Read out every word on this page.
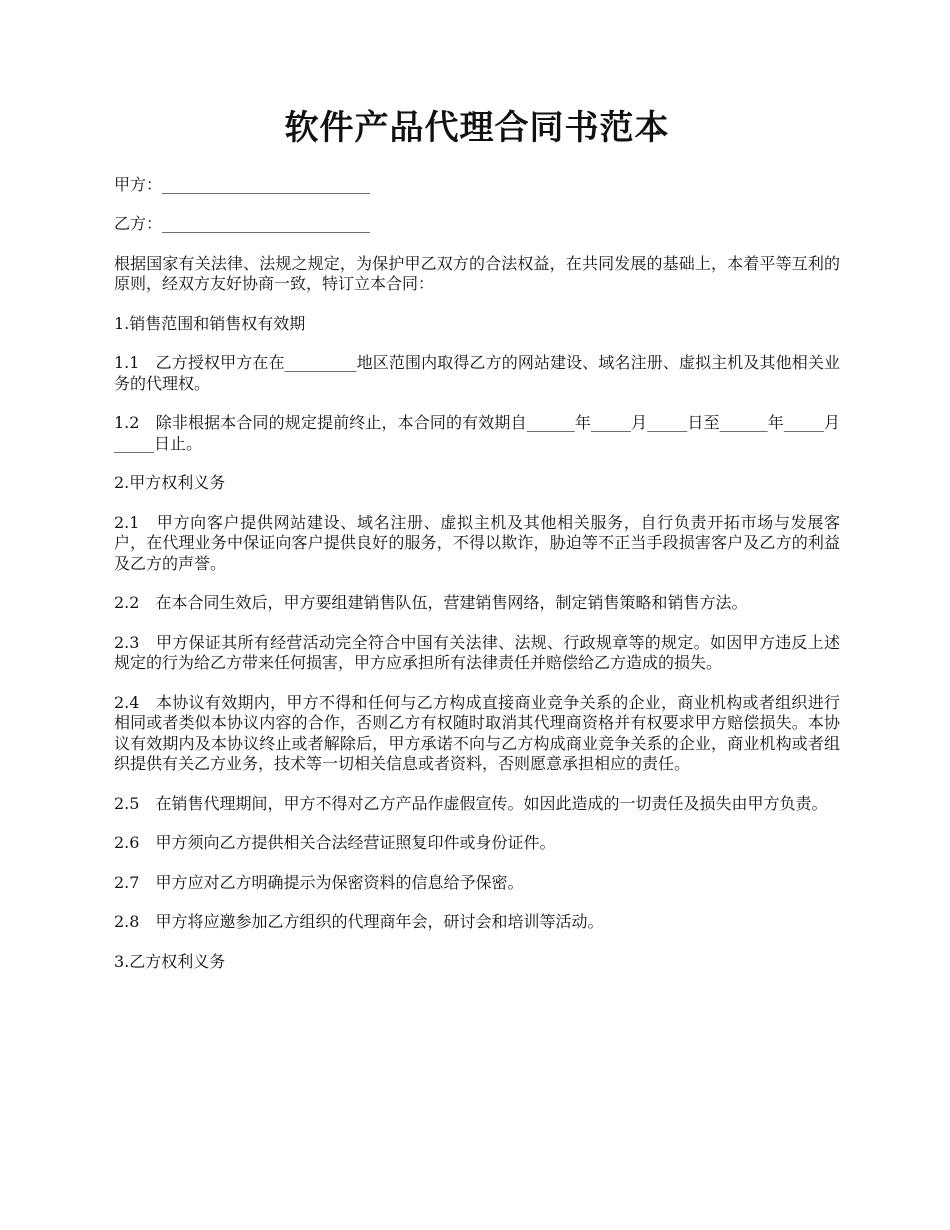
软件产品代理合同书范本

甲方：__________________________

乙方：__________________________

根据国家有关法律、法规之规定，为保护甲乙双方的合法权益，在共同发展的基础上，本着平等互利的原则，经双方友好协商一致，特订立本合同：

1.销售范围和销售权有效期

1.1　乙方授权甲方在在_________地区范围内取得乙方的网站建设、域名注册、虚拟主机及其他相关业务的代理权。

1.2　除非根据本合同的规定提前终止，本合同的有效期自______年_____月_____日至______年_____月_____日止。

2.甲方权利义务

2.1　甲方向客户提供网站建设、域名注册、虚拟主机及其他相关服务，自行负责开拓市场与发展客户，在代理业务中保证向客户提供良好的服务，不得以欺诈，胁迫等不正当手段损害客户及乙方的利益及乙方的声誉。

2.2　在本合同生效后，甲方要组建销售队伍，营建销售网络，制定销售策略和销售方法。

2.3　甲方保证其所有经营活动完全符合中国有关法律、法规、行政规章等的规定。如因甲方违反上述规定的行为给乙方带来任何损害，甲方应承担所有法律责任并赔偿给乙方造成的损失。

2.4　本协议有效期内，甲方不得和任何与乙方构成直接商业竞争关系的企业，商业机构或者组织进行相同或者类似本协议内容的合作，否则乙方有权随时取消其代理商资格并有权要求甲方赔偿损失。本协议有效期内及本协议终止或者解除后，甲方承诺不向与乙方构成商业竞争关系的企业，商业机构或者组织提供有关乙方业务，技术等一切相关信息或者资料，否则愿意承担相应的责任。

2.5　在销售代理期间，甲方不得对乙方产品作虚假宣传。如因此造成的一切责任及损失由甲方负责。

2.6　甲方须向乙方提供相关合法经营证照复印件或身份证件。

2.7　甲方应对乙方明确提示为保密资料的信息给予保密。

2.8　甲方将应邀参加乙方组织的代理商年会，研讨会和培训等活动。

3.乙方权利义务
